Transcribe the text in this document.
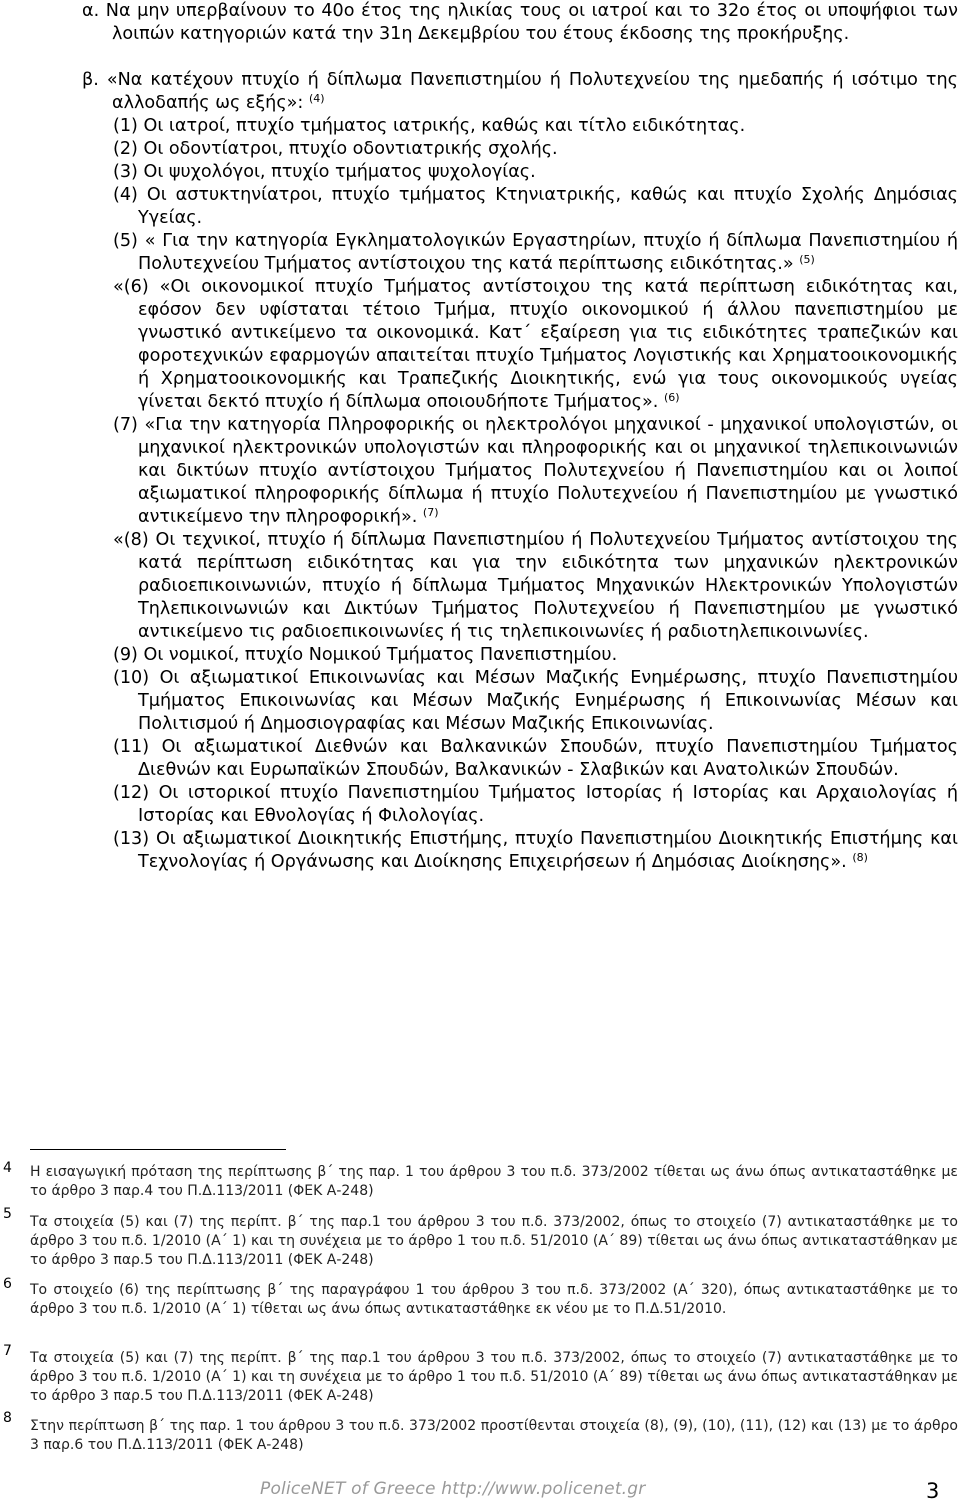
α. Να μην υπερβαίνουν το 40ο έτος της ηλικίας τους οι ιατροί και το 32ο έτος οι υποψήφιοι των λοιπών κατηγοριών κατά την 31η Δεκεμβρίου του έτους έκδοσης της προκήρυξης.

β. «Να κατέχουν πτυχίο ή δίπλωμα Πανεπιστημίου ή Πολυτεχνείου της ημεδαπής ή ισότιμο της αλλοδαπής ως εξής»: $^{(4)}$

(1) Οι ιατροί, πτυχίο τμήματος ιατρικής, καθώς και τίτλο ειδικότητας.

(2) Οι οδοντίατροι, πτυχίο οδοντιατρικής σχολής.

(3) Οι ψυχολόγοι, πτυχίο τμήματος ψυχολογίας.

(4) Οι αστυκτηνίατροι, πτυχίο τμήματος Κτηνιατρικής, καθώς και πτυχίο Σχολής Δημόσιας Υγείας.

(5) « Για την κατηγορία Εγκληματολογικών Εργαστηρίων, πτυχίο ή δίπλωμα Πανεπιστημίου ή Πολυτεχνείου Τμήματος αντίστοιχου της κατά περίπτωσης ειδικότητας.» $^{(5)}$

«(6) «Οι οικονομικοί πτυχίο Τμήματος αντίστοιχου της κατά περίπτωση ειδικότητας και, εφόσον δεν υφίσταται τέτοιο Τμήμα, πτυχίο οικονομικού ή άλλου πανεπιστημίου με γνωστικό αντικείμενο τα οικονομικά. Κατ΄ εξαίρεση για τις ειδικότητες τραπεζικών και φοροτεχνικών εφαρμογών απαιτείται πτυχίο Τμήματος Λογιστικής και Χρηματοοικονομικής ή Χρηματοοικονομικής και Τραπεζικής Διοικητικής, ενώ για τους οικονομικούς υγείας γίνεται δεκτό πτυχίο ή δίπλωμα οποιουδήποτε Τμήματος». $^{(6)}$

(7) «Για την κατηγορία Πληροφορικής οι ηλεκτρολόγοι μηχανικοί - μηχανικοί υπολογιστών, οι μηχανικοί ηλεκτρονικών υπολογιστών και πληροφορικής και οι μηχανικοί τηλεπικοινωνιών και δικτύων πτυχίο αντίστοιχου Τμήματος Πολυτεχνείου ή Πανεπιστημίου και οι λοιποί αξιωματικοί πληροφορικής δίπλωμα ή πτυχίο Πολυτεχνείου ή Πανεπιστημίου με γνωστικό αντικείμενο την πληροφορική». $^{(7)}$

«(8) Οι τεχνικοί, πτυχίο ή δίπλωμα Πανεπιστημίου ή Πολυτεχνείου Τμήματος αντίστοιχου της κατά περίπτωση ειδικότητας και για την ειδικότητα των μηχανικών ηλεκτρονικών ραδιοεπικοινωνιών, πτυχίο ή δίπλωμα Τμήματος Μηχανικών Ηλεκτρονικών Υπολογιστών Τηλεπικοινωνιών και Δικτύων Τμήματος Πολυτεχνείου ή Πανεπιστημίου με γνωστικό αντικείμενο τις ραδιοεπικοινωνίες ή τις τηλεπικοινωνίες ή ραδιοτηλεπικοινωνίες.

(9) Οι νομικοί, πτυχίο Νομικού Τμήματος Πανεπιστημίου.

(10) Οι αξιωματικοί Επικοινωνίας και Μέσων Μαζικής Ενημέρωσης, πτυχίο Πανεπιστημίου Τμήματος Επικοινωνίας και Μέσων Μαζικής Ενημέρωσης ή Επικοινωνίας Μέσων και Πολιτισμού ή Δημοσιογραφίας και Μέσων Μαζικής Επικοινωνίας.

(11) Οι αξιωματικοί Διεθνών και Βαλκανικών Σπουδών, πτυχίο Πανεπιστημίου Τμήματος Διεθνών και Ευρωπαϊκών Σπουδών, Βαλκανικών - Σλαβικών και Ανατολικών Σπουδών.

(12) Οι ιστορικοί πτυχίο Πανεπιστημίου Τμήματος Ιστορίας ή Ιστορίας και Αρχαιολογίας ή Ιστορίας και Εθνολογίας ή Φιλολογίας.

(13) Οι αξιωματικοί Διοικητικής Επιστήμης, πτυχίο Πανεπιστημίου Διοικητικής Επιστήμης και Τεχνολογίας ή Οργάνωσης και Διοίκησης Επιχειρήσεων ή Δημόσιας Διοίκησης». $^{(8)}$

4 Η εισαγωγική πρόταση της περίπτωσης β΄ της παρ. 1 του άρθρου 3 του π.δ. 373/2002 τίθεται ως άνω όπως αντικαταστάθηκε με το άρθρο 3 παρ.4 του Π.Δ.113/2011 (ΦΕΚ Α-248)
5 Τα στοιχεία (5) και (7) της περίπτ. β΄ της παρ.1 του άρθρου 3 του π.δ. 373/2002, όπως το στοιχείο (7) αντικαταστάθηκε με το άρθρο 3 του π.δ. 1/2010 (Α΄ 1) και τη συνέχεια με το άρθρο 1 του π.δ. 51/2010 (Α΄ 89) τίθεται ως άνω όπως αντικαταστάθηκαν με το άρθρο 3 παρ.5 του Π.Δ.113/2011 (ΦΕΚ Α-248)
6 Το στοιχείο (6) της περίπτωσης β΄ της παραγράφου 1 του άρθρου 3 του π.δ. 373/2002 (Α΄ 320), όπως αντικαταστάθηκε με το άρθρο 3 του π.δ. 1/2010 (Α΄ 1) τίθεται ως άνω όπως αντικαταστάθηκε εκ νέου με το Π.Δ.51/2010.
7 Τα στοιχεία (5) και (7) της περίπτ. β΄ της παρ.1 του άρθρου 3 του π.δ. 373/2002, όπως το στοιχείο (7) αντικαταστάθηκε με το άρθρο 3 του π.δ. 1/2010 (Α΄ 1) και τη συνέχεια με το άρθρο 1 του π.δ. 51/2010 (Α΄ 89) τίθεται ως άνω όπως αντικαταστάθηκαν με το άρθρο 3 παρ.5 του Π.Δ.113/2011 (ΦΕΚ Α-248)
8 Στην περίπτωση β΄ της παρ. 1 του άρθρου 3 του π.δ. 373/2002 προστίθενται στοιχεία (8), (9), (10), (11), (12) και (13) με το άρθρο 3 παρ.6 του Π.Δ.113/2011 (ΦΕΚ Α-248)
PoliceNET of Greece http://www.policenet.gr	3
